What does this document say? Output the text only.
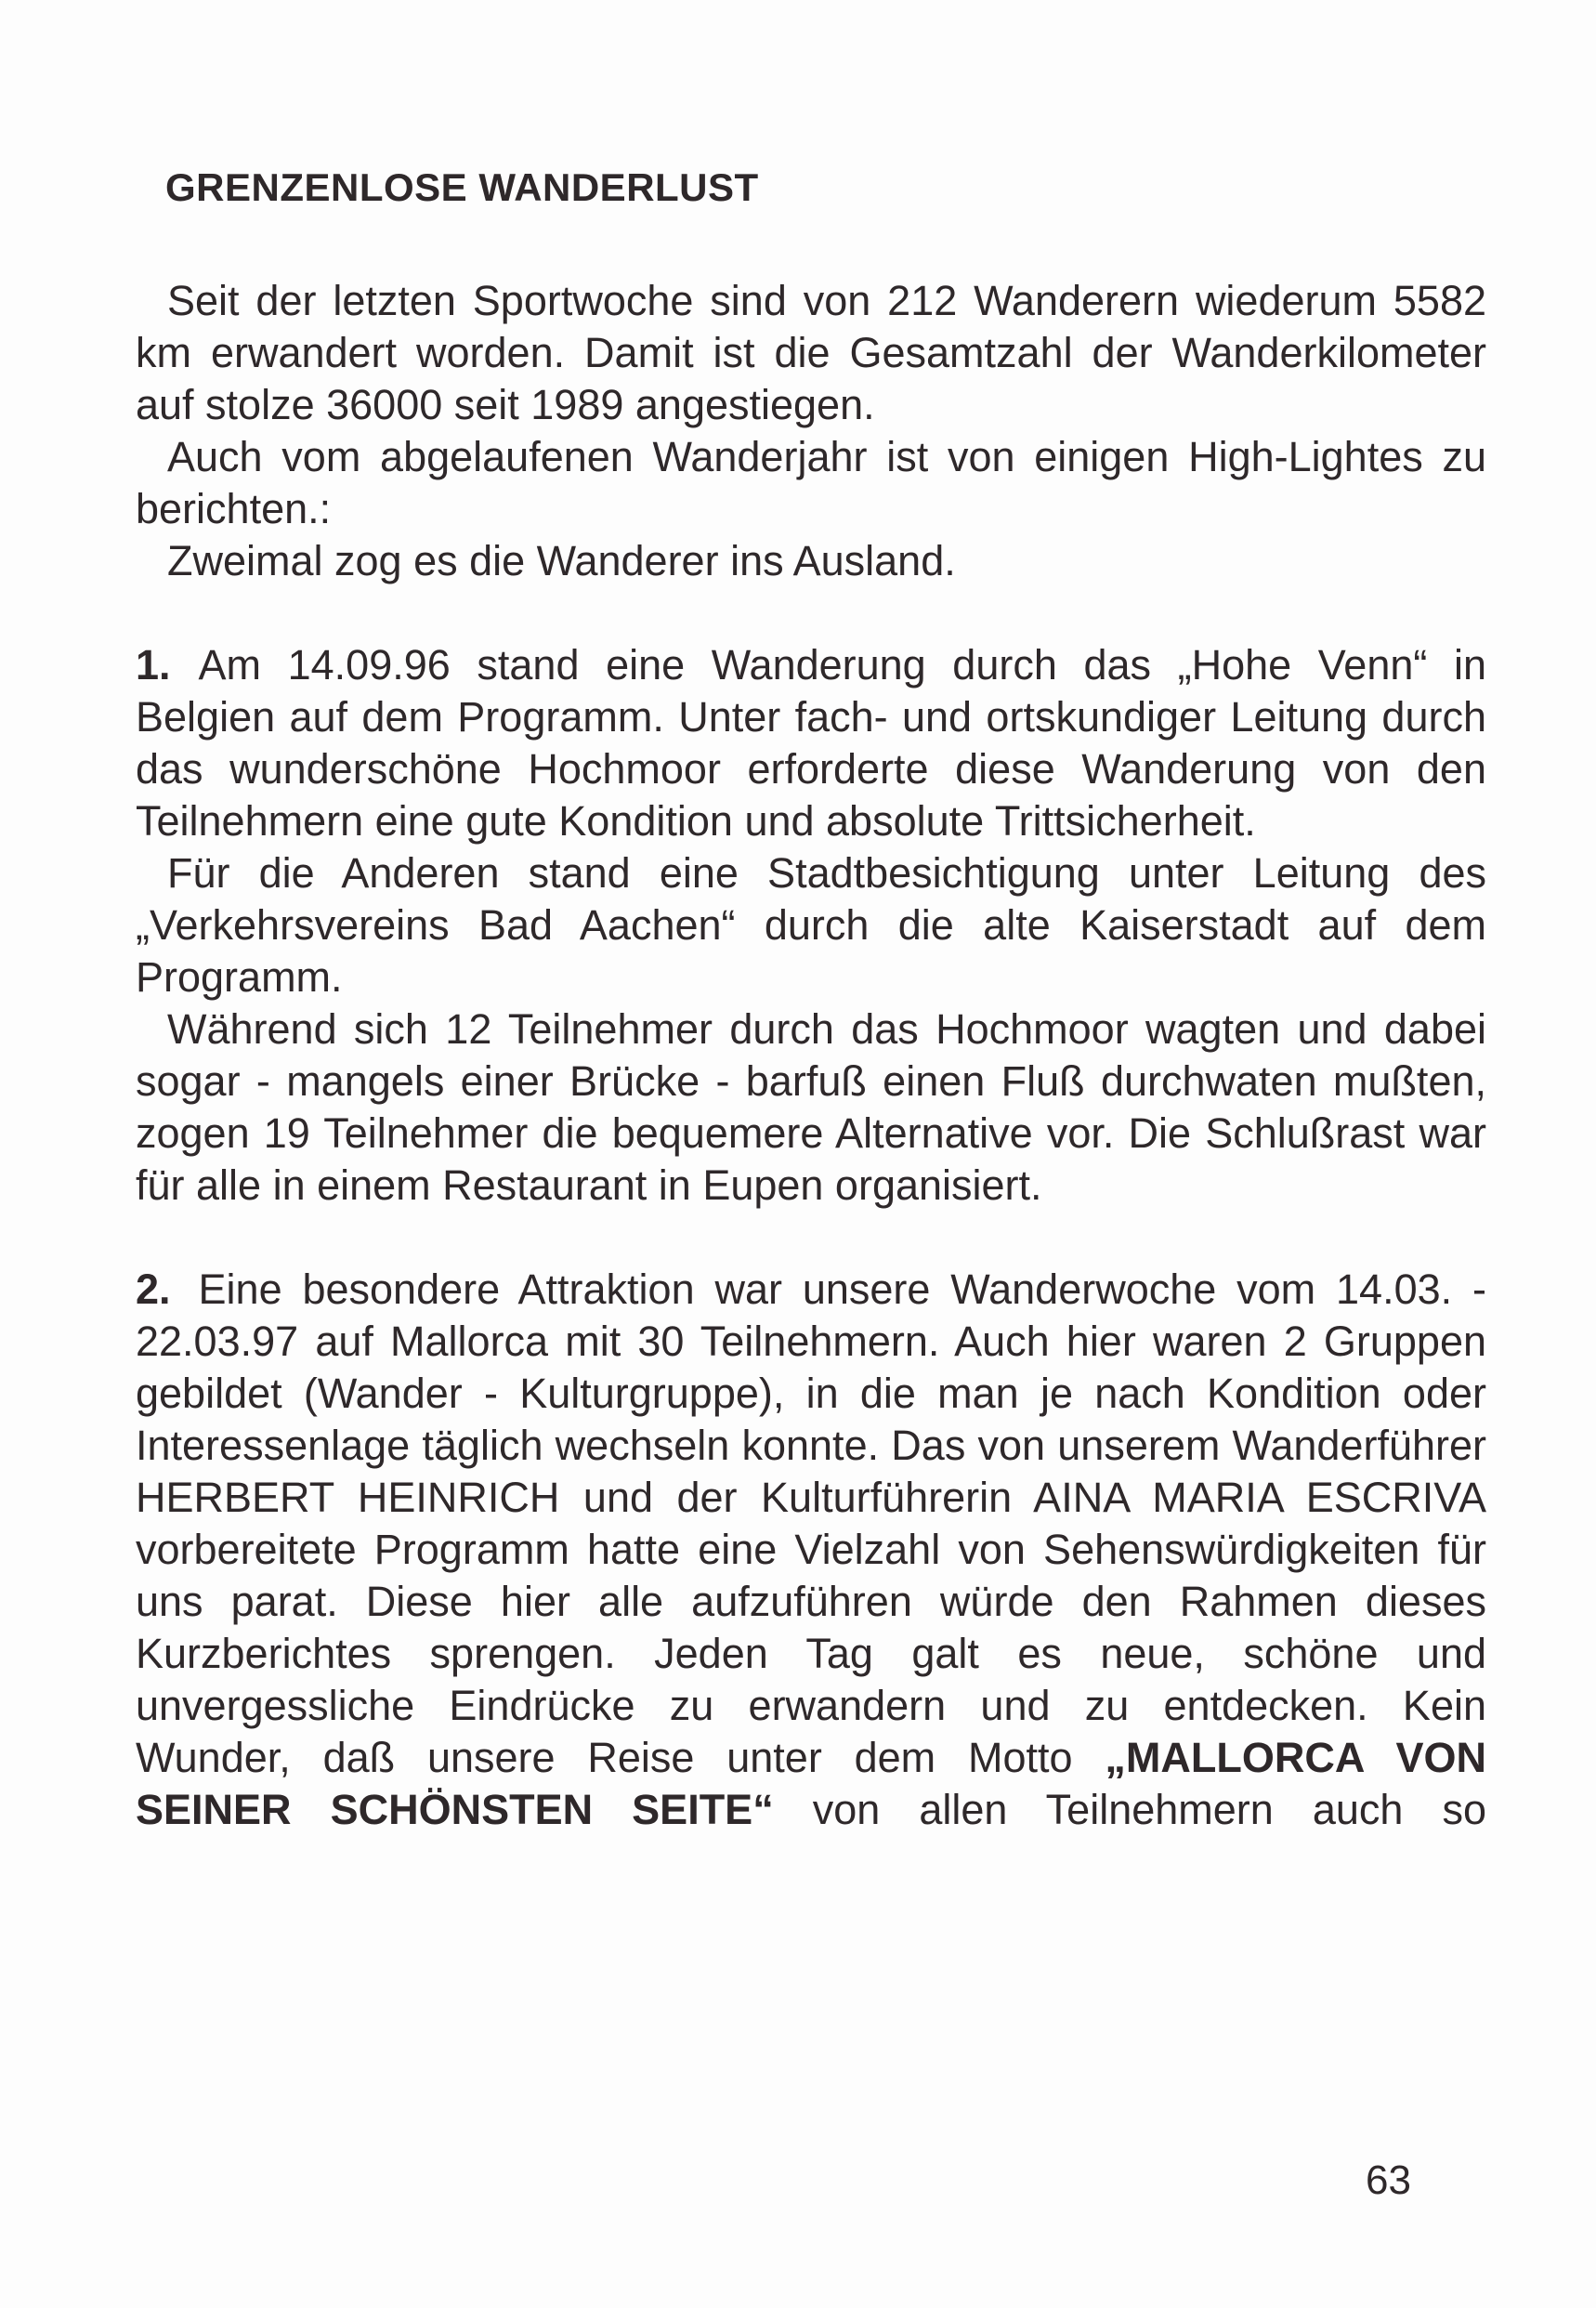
GRENZENLOSE WANDERLUST

Seit der letzten Sportwoche sind von 212 Wanderern wiederum 5582 km erwandert worden. Damit ist die Gesamtzahl der Wanderkilometer auf stolze 36000 seit 1989 angestiegen.

Auch vom abgelaufenen Wanderjahr ist von einigen High-Lightes zu berichten.:

Zweimal zog es die Wanderer ins Ausland.

1. Am 14.09.96 stand eine Wanderung durch das „Hohe Venn“ in Belgien auf dem Programm. Unter fach- und ortskundiger Leitung durch das wunderschöne Hochmoor erforderte diese Wanderung von den Teilnehmern eine gute Kondition und absolute Trittsicherheit.

Für die Anderen stand eine Stadtbesichtigung unter Leitung des „Verkehrsvereins Bad Aachen“ durch die alte Kaiserstadt auf dem Programm.

Während sich 12 Teilnehmer durch das Hochmoor wagten und dabei sogar - mangels einer Brücke - barfuß einen Fluß durchwaten mußten, zogen 19 Teilnehmer die bequemere Alternative vor. Die Schlußrast war für alle in einem Restaurant in Eupen organisiert.

2. Eine besondere Attraktion war unsere Wanderwoche vom 14.03. - 22.03.97 auf Mallorca mit 30 Teilnehmern. Auch hier waren 2 Gruppen gebildet (Wander - Kulturgruppe), in die man je nach Kondition oder Interessenlage täglich wechseln konnte. Das von unserem Wanderführer HERBERT HEINRICH und der Kulturführerin AINA MARIA ESCRIVA vorbereitete Programm hatte eine Vielzahl von Sehenswürdigkeiten für uns parat. Diese hier alle aufzuführen würde den Rahmen dieses Kurzberichtes sprengen. Jeden Tag galt es neue, schöne und unvergessliche Eindrücke zu erwandern und zu entdecken. Kein Wunder, daß unsere Reise unter dem Motto „MALLORCA VON SEINER SCHÖNSTEN SEITE“ von allen Teilnehmern auch so

63
